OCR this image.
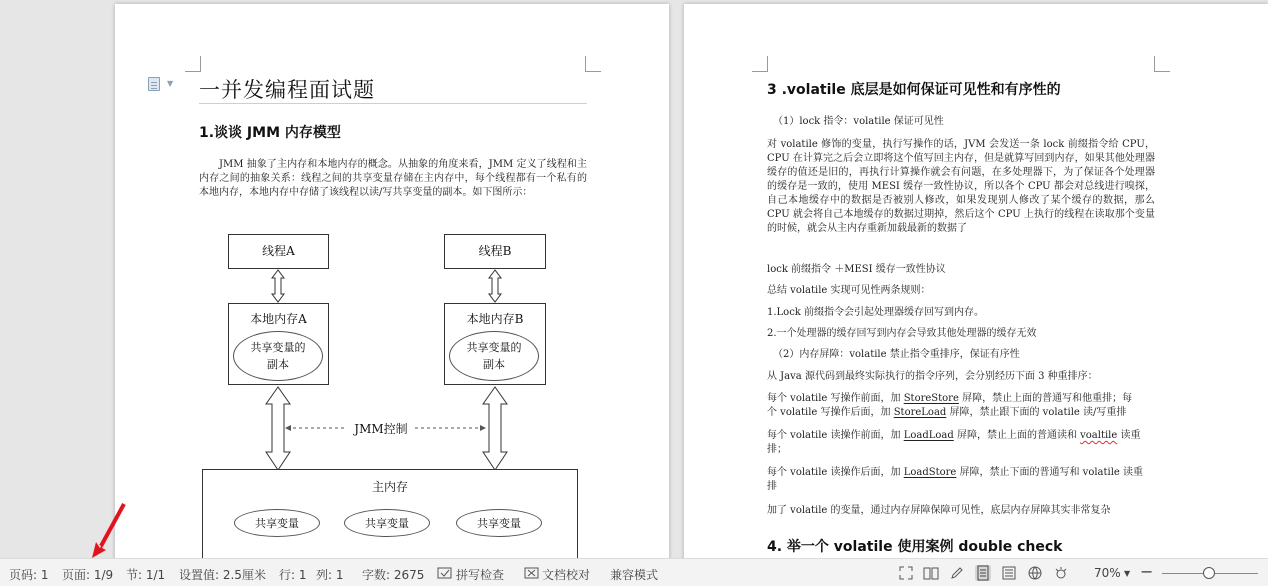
▼ 一并发编程面试题
1.谈谈 JMM 内存模型
JMM 抽象了主内存和本地内存的概念。从抽象的角度来看，JMM 定义了线程和主内存之间的抽象关系：线程之间的共享变量存储在主内存中，每个线程都有一个私有的本地内存，本地内存中存储了该线程以读/写共享变量的副本。如下图所示：
线程A	线程B
本地内存A
共享变量的副本
本地内存B
共享变量的副本
JMM控制
主内存
共享变量	共享变量	共享变量
3 .volatile 底层是如何保证可见性和有序性的
（1）lock 指令：volatile 保证可见性
对 volatile 修饰的变量，执行写操作的话，JVM 会发送一条 lock 前缀指令给 CPU，CPU 在计算完之后会立即将这个值写回主内存，但是就算写回到内存，如果其他处理器缓存的值还是旧的，再执行计算操作就会有问题，在多处理器下，为了保证各个处理器的缓存是一致的，使用 MESI 缓存一致性协议，所以各个 CPU 都会对总线进行嗅探，自己本地缓存中的数据是否被别人修改，如果发现别人修改了某个缓存的数据，那么 CPU 就会将自己本地缓存的数据过期掉，然后这个 CPU 上执行的线程在读取那个变量的时候，就会从主内存重新加载最新的数据了
lock 前缀指令 ＋MESI 缓存一致性协议
总结 volatile 实现可见性两条规则：
1.Lock 前缀指令会引起处理器缓存回写到内存。
2.一个处理器的缓存回写到内存会导致其他处理器的缓存无效
（2）内存屏障：volatile 禁止指令重排序，保证有序性
从 Java 源代码到最终实际执行的指令序列，会分别经历下面 3 种重排序：
每个 volatile 写操作前面，加 StoreStore 屏障，禁止上面的普通写和他重排；每
个 volatile 写操作后面，加 StoreLoad 屏障，禁止跟下面的 volatile 读/写重排
每个 volatile 读操作前面，加 LoadLoad 屏障，禁止上面的普通读和 voaltile 读重
排；
每个 volatile 读操作后面，加 LoadStore 屏障，禁止下面的普通写和 volatile 读重
排
加了 volatile 的变量，通过内存屏障保障可见性，底层内存屏障其实非常复杂
4. 举一个 volatile 使用案例 double check
页码: 1 页面: 1/9 节: 1/1 设置值: 2.5厘米 行: 1 列: 1 字数: 2675	拼写检查	文档校对 兼容模式	70% ▼ −
